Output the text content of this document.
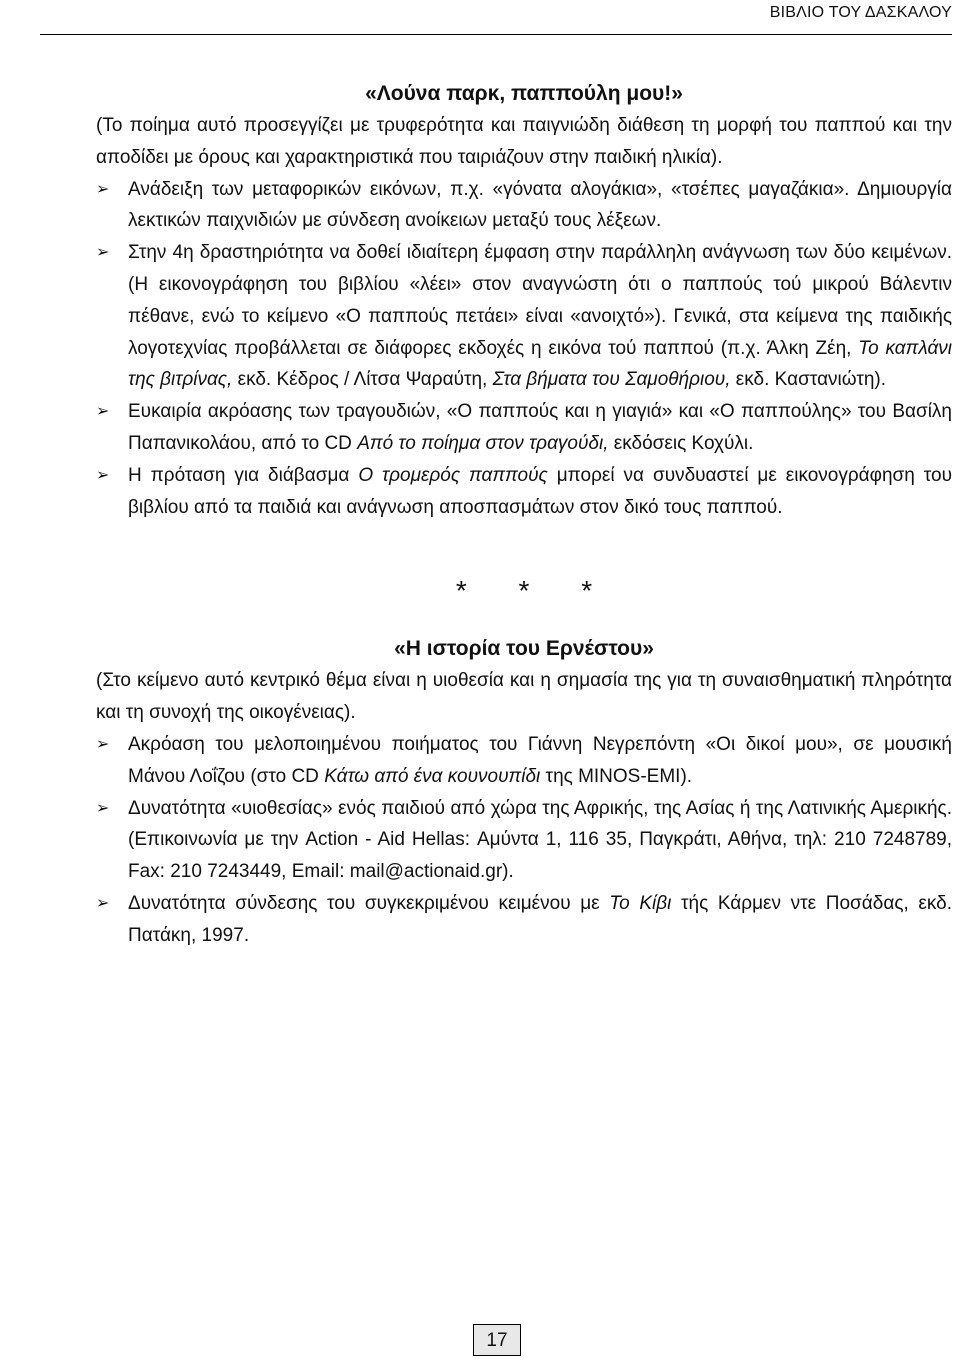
ΒΙΒΛΙΟ ΤΟΥ ΔΑΣΚΑΛΟΥ
«Λούνα παρκ, παππούλη μου!»

(Το ποίημα αυτό προσεγγίζει με τρυφερότητα και παιγνιώδη διάθεση τη μορφή του παππού και την αποδίδει με όρους και χαρακτηριστικά που ταιριάζουν στην παιδική ηλικία).

➢ Ανάδειξη των μεταφορικών εικόνων, π.χ. «γόνατα αλογάκια», «τσέπες μαγαζάκια». Δημιουργία λεκτικών παιχνιδιών με σύνδεση ανοίκειων μεταξύ τους λέξεων.
➢ Στην 4η δραστηριότητα να δοθεί ιδιαίτερη έμφαση στην παράλληλη ανάγνωση των δύο κειμένων. (Η εικονογράφηση του βιβλίου «λέει» στον αναγνώστη ότι ο παππούς τού μικρού Βάλεντιν πέθανε, ενώ το κείμενο «Ο παππούς πετάει» είναι «ανοιχτό»). Γενικά, στα κείμενα της παιδικής λογοτεχνίας προβάλλεται σε διάφορες εκδοχές η εικόνα τού παππού (π.χ. Άλκη Ζέη, Το καπλάνι της βιτρίνας, εκδ. Κέδρος / Λίτσα Ψαραύτη, Στα βήματα του Σαμοθήριου, εκδ. Καστανιώτη).
➢ Ευκαιρία ακρόασης των τραγουδιών, «Ο παππούς και η γιαγιά» και «Ο παππούλης» του Βασίλη Παπανικολάου, από το CD Από το ποίημα στον τραγούδι, εκδόσεις Κοχύλι.
➢ Η πρόταση για διάβασμα Ο τρομερός παππούς μπορεί να συνδυαστεί με εικονογράφηση του βιβλίου από τα παιδιά και ανάγνωση αποσπασμάτων στον δικό τους παππού.
* * *
«Η ιστορία του Ερνέστου»

(Στο κείμενο αυτό κεντρικό θέμα είναι η υιοθεσία και η σημασία της για τη συναισθηματική πληρότητα και τη συνοχή της οικογένειας).

➢ Ακρόαση του μελοποιημένου ποιήματος του Γιάννη Νεγρεπόντη «Οι δικοί μου», σε μουσική Μάνου Λοΐζου (στο CD Κάτω από ένα κουνουπίδι της MINOS-EMI).
➢ Δυνατότητα «υιοθεσίας» ενός παιδιού από χώρα της Αφρικής, της Ασίας ή της Λατινικής Αμερικής. (Επικοινωνία με την Action - Aid Hellas: Αμύντα 1, 116 35, Παγκράτι, Αθήνα, τηλ: 210 7248789, Fax: 210 7243449, Email: mail@actionaid.gr).
➢ Δυνατότητα σύνδεσης του συγκεκριμένου κειμένου με Το Κίβι τής Κάρμεν ντε Ποσάδας, εκδ. Πατάκη, 1997.
17
